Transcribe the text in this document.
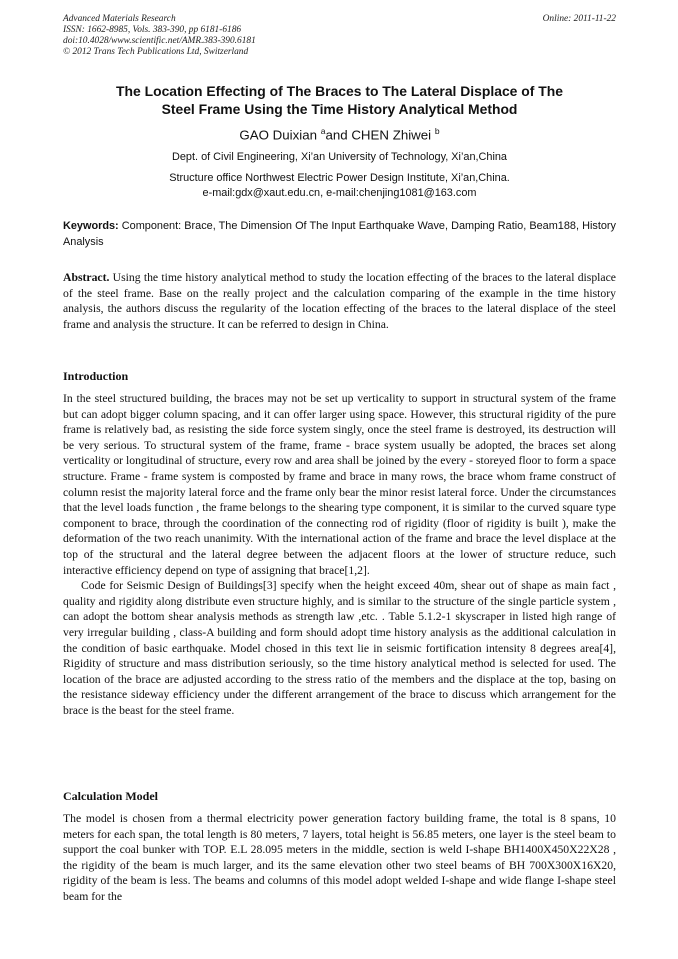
Advanced Materials Research
ISSN: 1662-8985, Vols. 383-390, pp 6181-6186
doi:10.4028/www.scientific.net/AMR.383-390.6181
© 2012 Trans Tech Publications Ltd, Switzerland
Online: 2011-11-22
The Location Effecting of The Braces to The Lateral Displace of The
Steel Frame Using the Time History Analytical Method
GAO Duixian $^a$and CHEN Zhiwei $^b$
Dept. of Civil Engineering, Xi’an University of Technology, Xi’an,China
Structure office Northwest Electric Power Design Institute, Xi’an,China.
e-mail:gdx@xaut.edu.cn, e-mail:chenjing1081@163.com
Keywords: Component: Brace, The Dimension Of The Input Earthquake Wave, Damping Ratio, Beam188, History Analysis
Abstract. Using the time history analytical method to study the location effecting of the braces to the lateral displace of the steel frame. Base on the really project and the calculation comparing of the example in the time history analysis, the authors discuss the regularity of the location effecting of the braces to the lateral displace of the steel frame and analysis the structure. It can be referred to design in China.
Introduction

In the steel structured building, the braces may not be set up verticality to support in structural system of the frame but can adopt bigger column spacing, and it can offer larger using space. However, this structural rigidity of the pure frame is relatively bad, as resisting the side force system singly, once the steel frame is destroyed, its destruction will be very serious. To structural system of the frame, frame - brace system usually be adopted, the braces set along verticality or longitudinal of structure, every row and area shall be joined by the every - storeyed floor to form a space structure. Frame - frame system is composted by frame and brace in many rows, the brace whom frame construct of column resist the majority lateral force and the frame only bear the minor resist lateral force. Under the circumstances that the level loads function , the frame belongs to the shearing type component, it is similar to the curved square type component to brace, through the coordination of the connecting rod of rigidity (floor of rigidity is built ), make the deformation of the two reach unanimity. With the international action of the frame and brace the level displace at the top of the structural and the lateral degree between the adjacent floors at the lower of structure reduce, such interactive efficiency depend on type of assigning that brace[1,2].

Code for Seismic Design of Buildings[3] specify when the height exceed 40m, shear out of shape as main fact , quality and rigidity along distribute even structure highly, and is similar to the structure of the single particle system , can adopt the bottom shear analysis methods as strength law ,etc. . Table 5.1.2-1 skyscraper in listed high range of very irregular building , class-A building and form should adopt time history analysis as the additional calculation in the condition of basic earthquake. Model chosed in this text lie in seismic fortification intensity 8 degrees area[4], Rigidity of structure and mass distribution seriously, so the time history analytical method is selected for used. The location of the brace are adjusted according to the stress ratio of the members and the displace at the top, basing on the resistance sideway efficiency under the different arrangement of the brace to discuss which arrangement for the brace is the beast for the steel frame.

Calculation Model

The model is chosen from a thermal electricity power generation factory building frame, the total is 8 spans, 10 meters for each span, the total length is 80 meters, 7 layers, total height is 56.85 meters, one layer is the steel beam to support the coal bunker with TOP. E.L 28.095 meters in the middle, section is weld I-shape BH1400X450X22X28 , the rigidity of the beam is much larger, and its the same elevation other two steel beams of BH 700X300X16X20, rigidity of the beam is less. The beams and columns of this model adopt welded I-shape and wide flange I-shape steel beam for the
